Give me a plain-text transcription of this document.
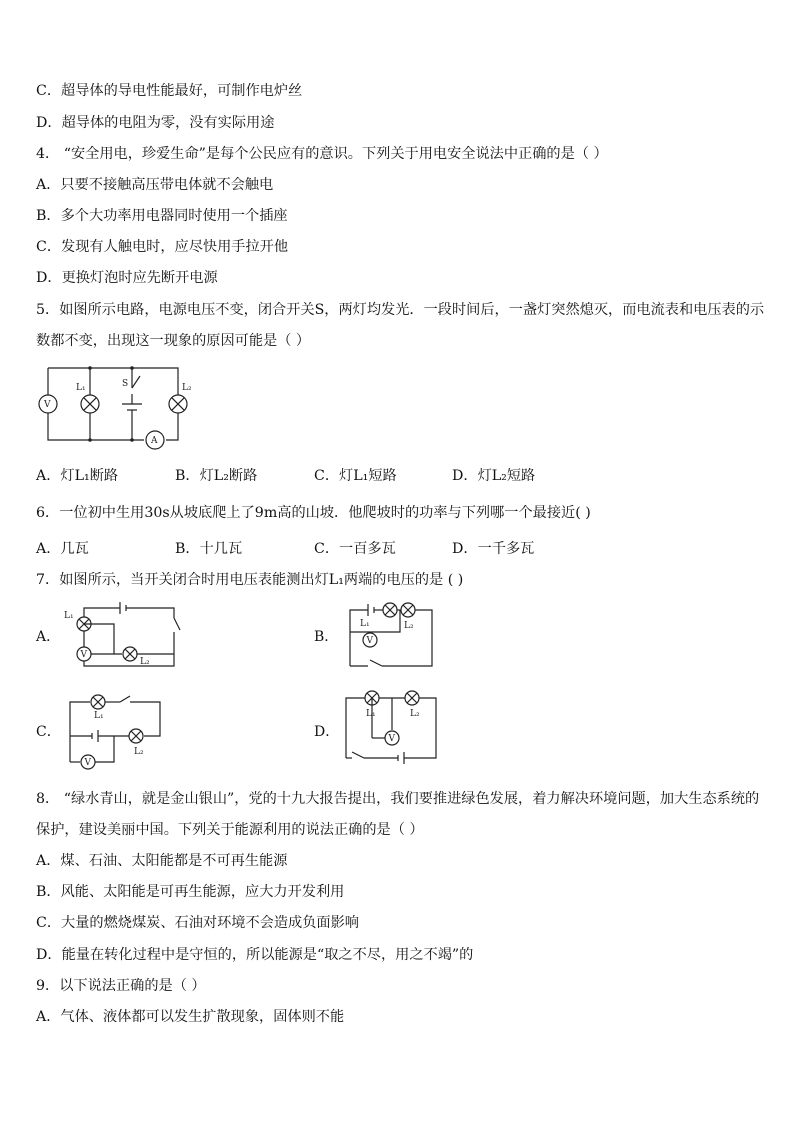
C．超导体的导电性能最好，可制作电炉丝
D．超导体的电阻为零，没有实际用途
4． “安全用电，珍爱生命”是每个公民应有的意识。下列关于用电安全说法中正确的是（ ）
A．只要不接触高压带电体就不会触电
B．多个大功率用电器同时使用一个插座
C．发现有人触电时，应尽快用手拉开他
D．更换灯泡时应先断开电源
5．如图所示电路，电源电压不变，闭合开关S，两灯均发光．一段时间后，一盏灯突然熄灭，而电流表和电压表的示
数都不变，出现这一现象的原因可能是（ ）
A
V
L₁	S	L₂
A．灯L₁断路	B．灯L₂断路	C．灯L₁短路	D．灯L₂短路
6．一位初中生用30s从坡底爬上了9m高的山坡．他爬坡时的功率与下列哪一个最接近( )
A．几瓦	B．十几瓦	C．一百多瓦	D．一千多瓦
7．如图所示，当开关闭合时用电压表能测出灯L₁两端的电压的是 ( )
A．
L₁
V
L₂
B．	V
L₁	L₂
C．
V
L₁
L₂
D．	V
L₁	L₂
8． “绿水青山，就是金山银山”，党的十九大报告提出，我们要推进绿色发展，着力解决环境问题，加大生态系统的
保护，建设美丽中国。下列关于能源利用的说法正确的是（ ）
A．煤、石油、太阳能都是不可再生能源
B．风能、太阳能是可再生能源，应大力开发利用
C．大量的燃烧煤炭、石油对环境不会造成负面影响
D．能量在转化过程中是守恒的，所以能源是“取之不尽，用之不竭”的
9．以下说法正确的是（ ）
A．气体、液体都可以发生扩散现象，固体则不能
